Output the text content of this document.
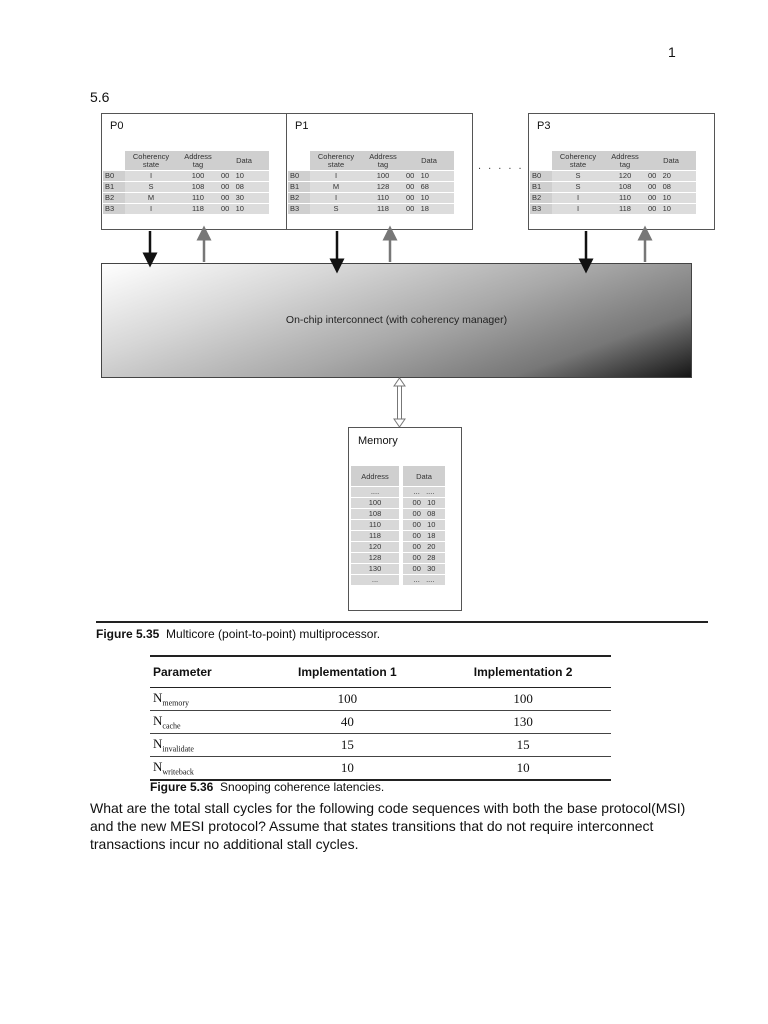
1
5.6
P0
	Coherency state	Address tag	Data
B0	I	100	00   10
B1	S	108	00   08
B2	M	110	00   30
B3	I	118	00   10
P1
	Coherency state	Address tag	Data
B0	I	100	00   10
B1	M	128	00   68
B2	I	110	00   10
B3	S	118	00   18
. . . . .
P3
	Coherency state	Address tag	Data
B0	S	120	00   20
B1	S	108	00   08
B2	I	110	00   10
B3	I	118	00   10
On-chip interconnect (with coherency manager)
Memory
Address		Data
....		...   ....
100		00   10
108		00   08
110		00   10
118		00   18
120		00   20
128		00   28
130		00   30
...		...   ....
Figure 5.35 Multicore (point-to-point) multiprocessor.
Parameter	Implementation 1	Implementation 2
$N_{memory}$	100	100
$N_{cache}$	40	130
$N_{invalidate}$	15	15
$N_{writeback}$	10	10
Figure 5.36 Snooping coherence latencies.
What are the total stall cycles for the following code sequences with both the base protocol(MSI) and the new MESI protocol? Assume that states transitions that do not require interconnect transactions incur no additional stall cycles.
